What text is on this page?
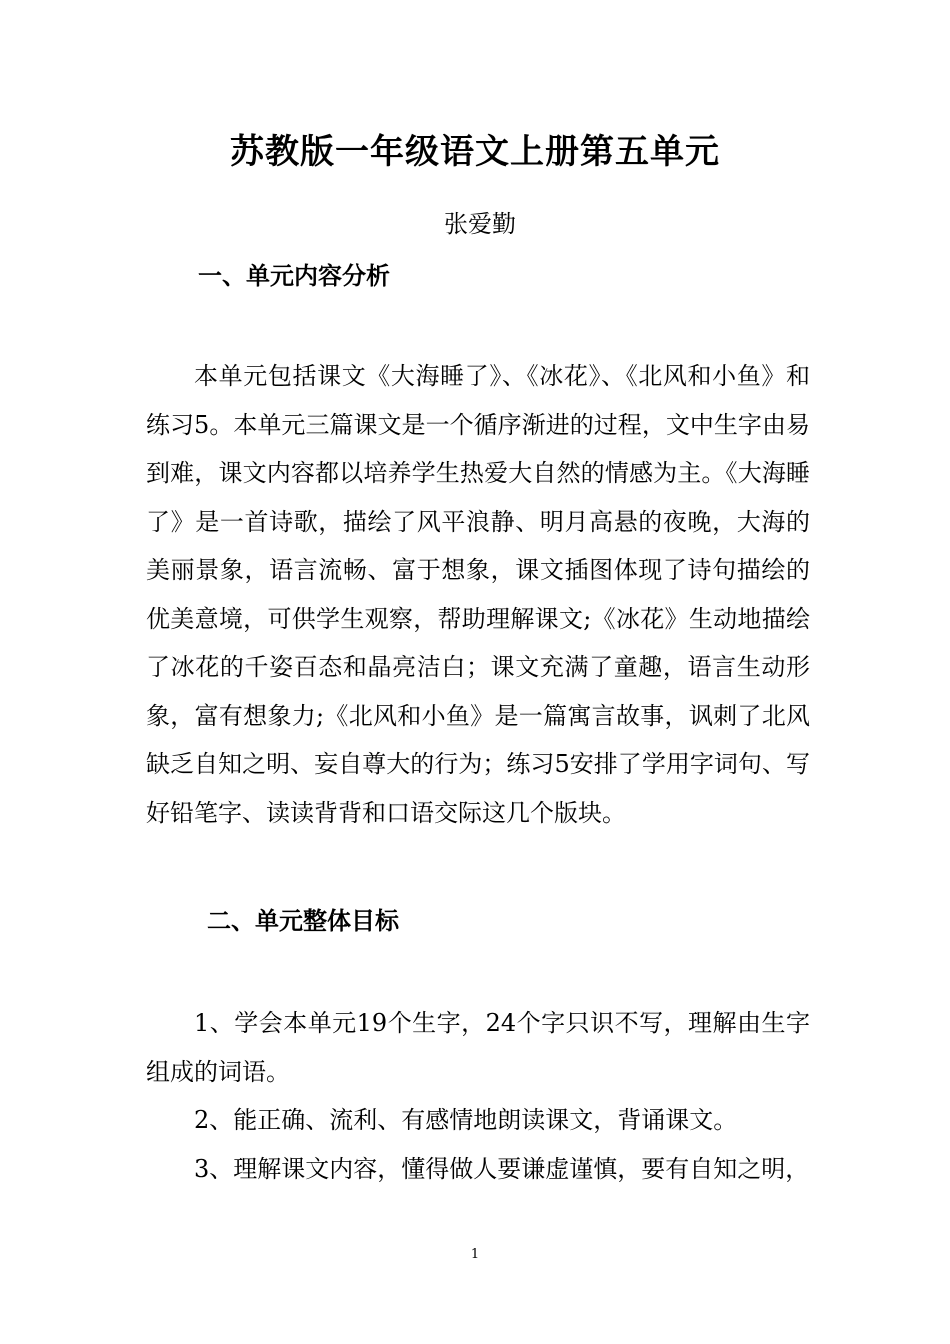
苏教版一年级语文上册第五单元
张爱勤
一、单元内容分析
本单元包括课文《大海睡了》、《冰花》、《北风和小鱼》和练习5。本单元三篇课文是一个循序渐进的过程，文中生字由易到难，课文内容都以培养学生热爱大自然的情感为主。《大海睡了》是一首诗歌，描绘了风平浪静、明月高悬的夜晚，大海的美丽景象，语言流畅、富于想象，课文插图体现了诗句描绘的优美意境，可供学生观察，帮助理解课文;《冰花》生动地描绘了冰花的千姿百态和晶亮洁白；课文充满了童趣，语言生动形象，富有想象力;《北风和小鱼》是一篇寓言故事，讽刺了北风缺乏自知之明、妄自尊大的行为；练习5安排了学用字词句、写好铅笔字、读读背背和口语交际这几个版块。
二、单元整体目标

1、学会本单元19个生字，24个字只识不写，理解由生字组成的词语。

2、能正确、流利、有感情地朗读课文，背诵课文。

3、理解课文内容，懂得做人要谦虚谨慎，要有自知之明，

1
